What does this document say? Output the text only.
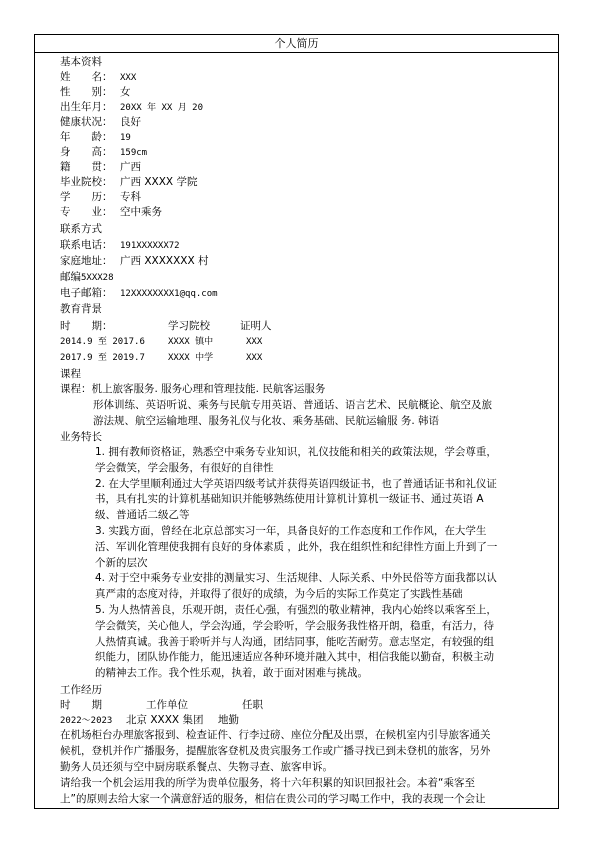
个人简历
基本资料
姓　　名： XXX
性　　别： 女
出生年月： 20XX 年 XX 月 20
健康状况： 良好
年　　龄： 19
身　　高： 159cm
籍　　贯： 广西
毕业院校： 广西 XXXX 学院
学　　历： 专科
专　　业： 空中乘务
联系方式
联系电话： 191XXXXXX72
家庭地址： 广西 XXXXXXX 村
邮编5XXX28
电子邮箱： 12XXXXXXXX1@qq.com
教育背景
时　　期：	学习院校	证明人
2014.9 至 2017.6	XXXX 镇中	XXX
2017.9 至 2019.7	XXXX 中学	XXX
课程
课程：机上旅客服务. 服务心理和管理技能. 民航客运服务
形体训练、英语听说、乘务与民航专用英语、普通话、语言艺术、民航概论、航空及旅
游法规、航空运输地理、服务礼仪与化妆、乘务基础、民航运输服 务. 韩语
业务特长

1. 拥有教师资格证，熟悉空中乘务专业知识，礼仪技能和相关的政策法规，学会尊重，

学会微笑，学会服务，有很好的自律性

2. 在大学里顺利通过大学英语四级考试并获得英语四级证书，也了普通话证书和礼仪证

书，具有扎实的计算机基础知识并能够熟练使用计算机计算机一级证书、通过英语 A

级、普通话二级乙等

3. 实践方面，曾经在北京总部实习一年，具备良好的工作态度和工作作风，在大学生

活、军训化管理使我拥有良好的身体素质 ，此外，我在组织性和纪律性方面上升到了一

个新的层次

4. 对于空中乘务专业安排的测量实习、生活规律、人际关系、中外民俗等方面我都以认

真严肃的态度对待，并取得了很好的成绩，为今后的实际工作莫定了实践性基础

5. 为人热情善良，乐观开朗，责任心强，有强烈的敬业精神，我内心始终以乘客至上，

学会微笑，关心他人，学会沟通，学会聆听，学会服务我性格开朗，稳重，有活力，待

人热情真诚。我善于聆听并与人沟通，团结同事，能吃苦耐劳。意志坚定，有较强的组

织能力，团队协作能力，能迅速适应各种环境并融入其中，相信我能以勤奋，积极主动

的精神去工作。我个性乐观，执着，敢于面对困难与挑战。

工作经历
时　　期	工作单位	任职
2022～2023 北京 XXXX 集团 地勤

在机场柜台办理旅客报到、检查证件、行李过磅、座位分配及出票，在候机室内引导旅客通关

候机，登机并作广播服务，提醒旅客登机及贵宾服务工作或广播寻找已到未登机的旅客，另外

勤务人员还须与空中厨房联系餐点、失物寻查、旅客申诉。

请给我一个机会运用我的所学为贵单位服务，将十六年积累的知识回报社会。本着“乘客至

上”的原则去给大家一个满意舒适的服务，相信在贵公司的学习喝工作中，我的表现一个会让
